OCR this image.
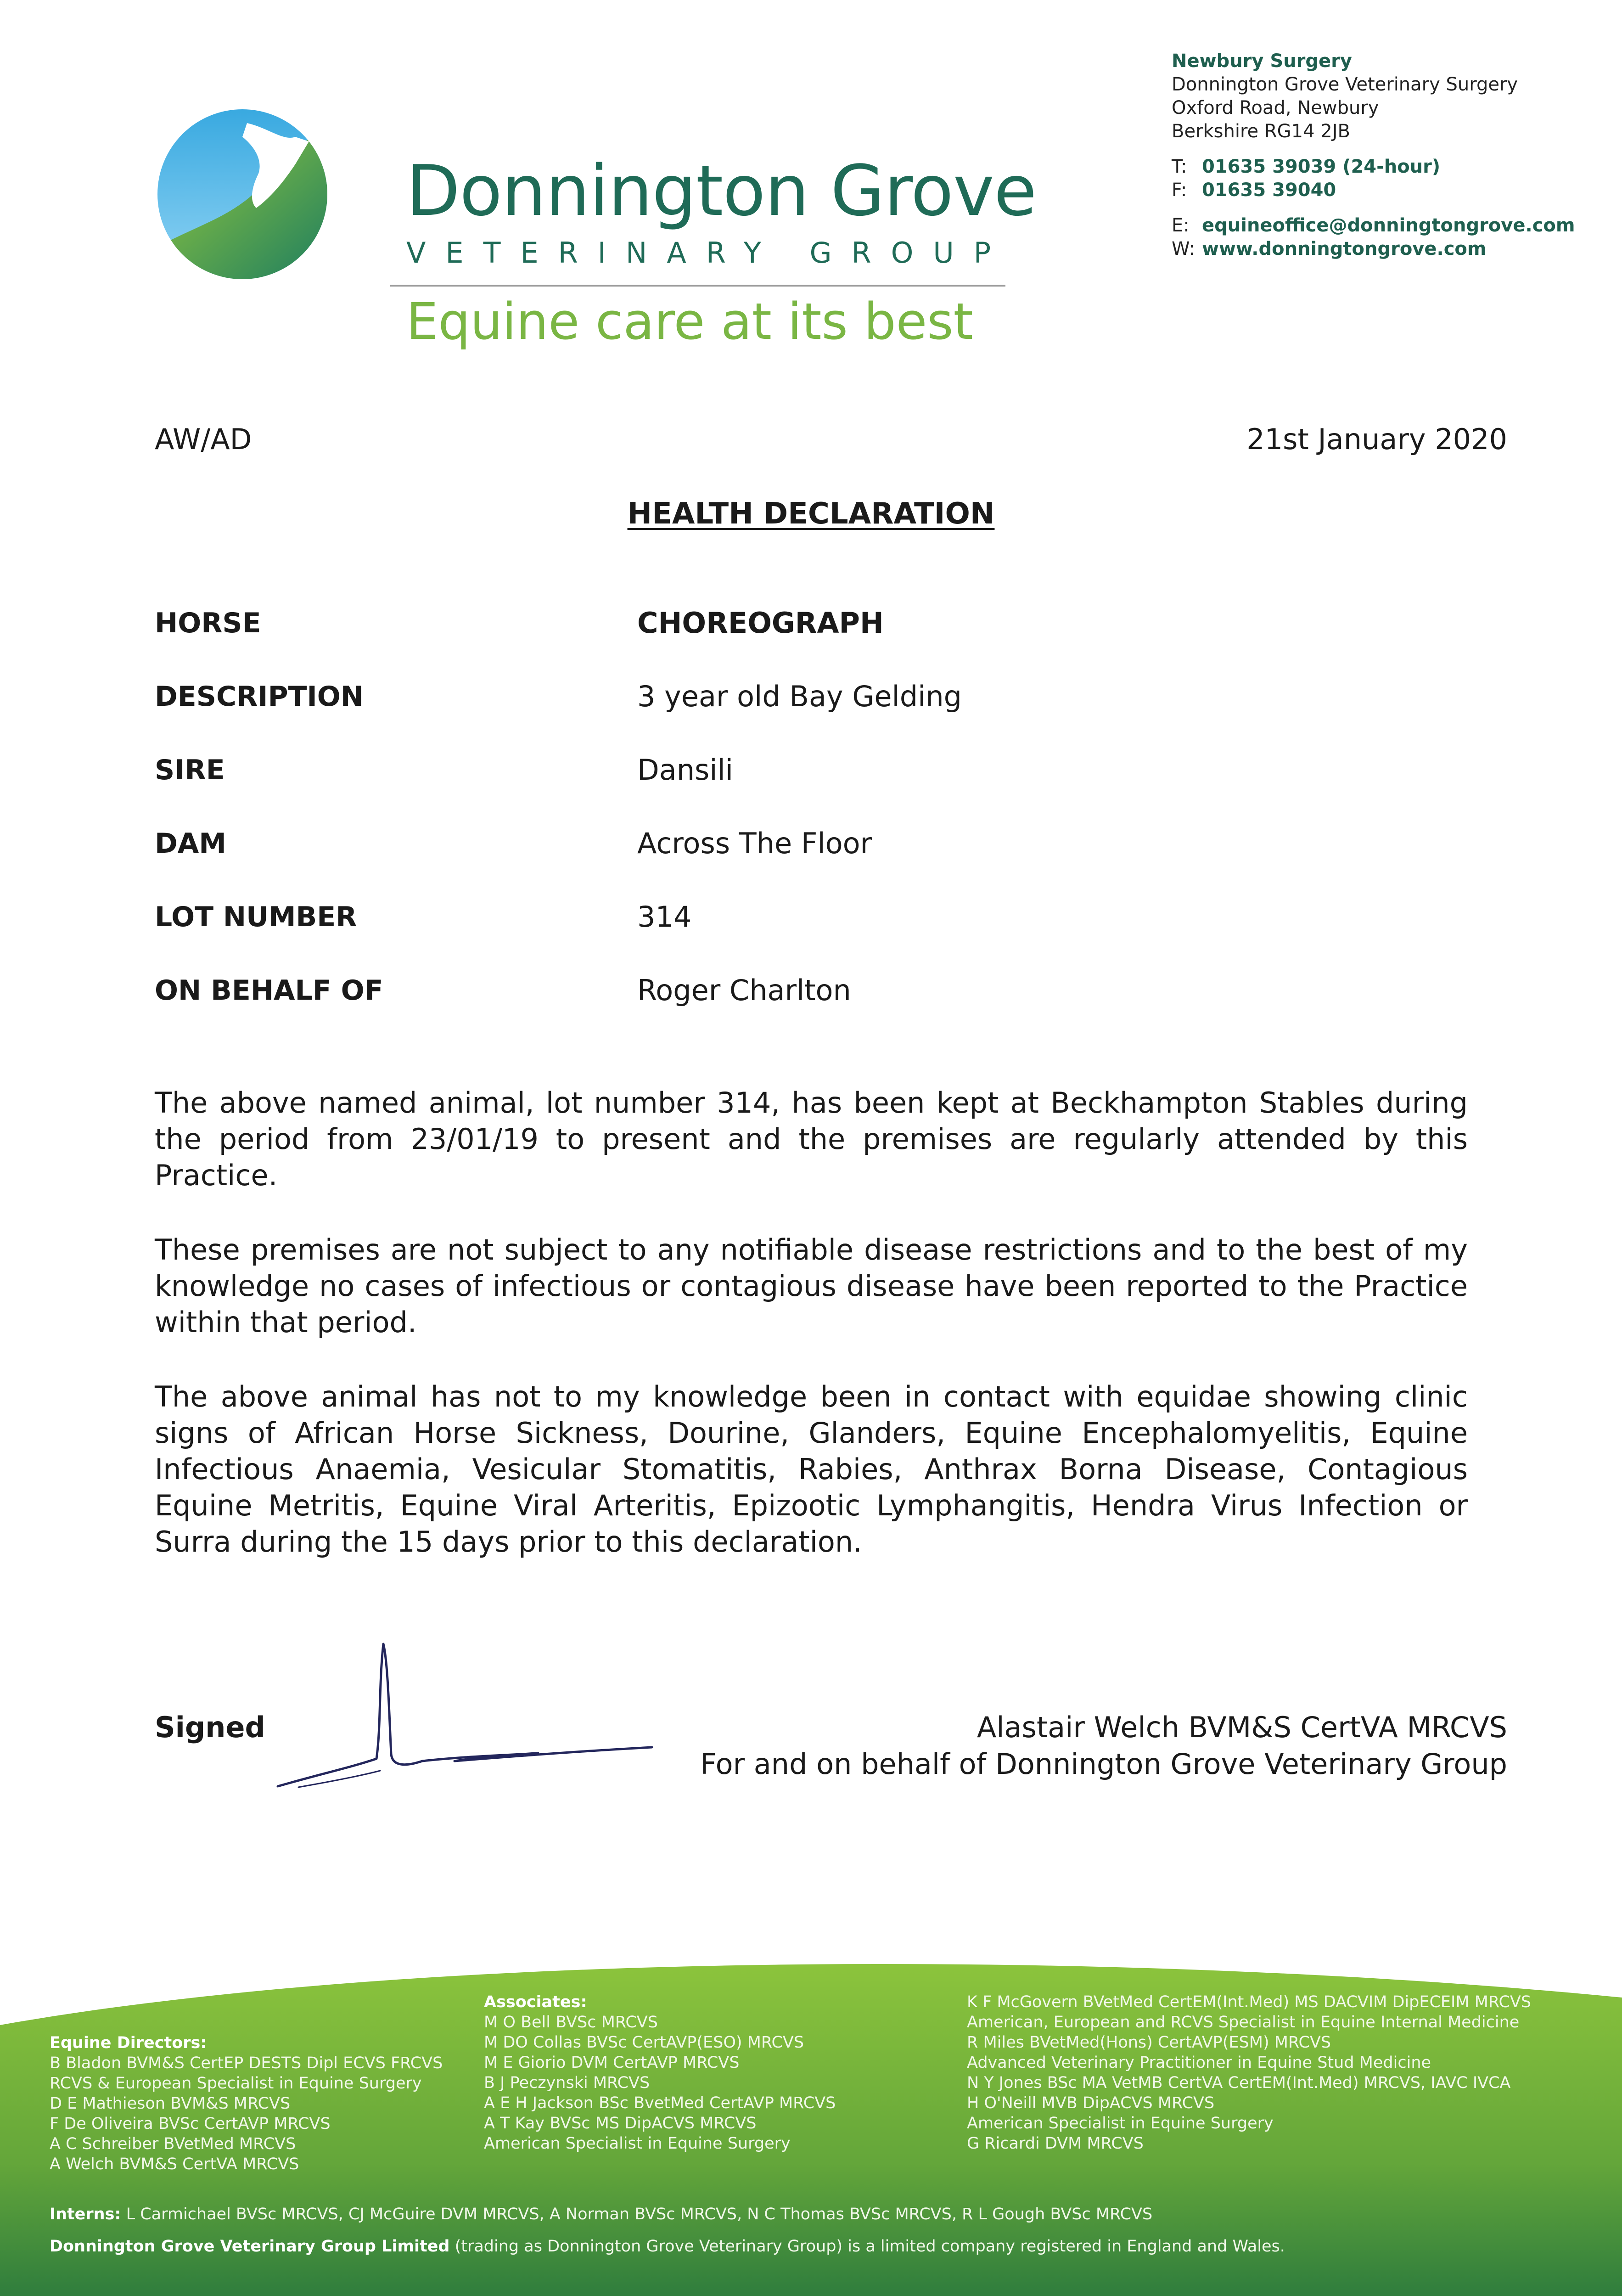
Donnington Grove
VETERINARY GROUP
Equine care at its best
Newbury Surgery
Donnington Grove Veterinary Surgery
Oxford Road, Newbury
Berkshire RG14 2JB
T: 01635 39039 (24-hour)
F: 01635 39040
E: equineoffice@donningtongrove.com
W: www.donningtongrove.com
AW/AD	21st January 2020
HEALTH DECLARATION
HORSE	CHOREOGRAPH
DESCRIPTION	3 year old Bay Gelding
SIRE	Dansili
DAM	Across The Floor
LOT NUMBER	314
ON BEHALF OF	Roger Charlton
The above named animal, lot number 314, has been kept at Beckhampton Stables during the period from 23/01/19 to present and the premises are regularly attended by this Practice.
These premises are not subject to any notifiable disease restrictions and to the best of my knowledge no cases of infectious or contagious disease have been reported to the Practice within that period.
The above animal has not to my knowledge been in contact with equidae showing clinic signs of African Horse Sickness, Dourine, Glanders, Equine Encephalomyelitis, Equine Infectious Anaemia, Vesicular Stomatitis, Rabies, Anthrax Borna Disease, Contagious Equine Metritis, Equine Viral Arteritis, Epizootic Lymphangitis, Hendra Virus Infection or Surra during the 15 days prior to this declaration.
Signed	Alastair Welch BVM&S CertVA MRCVS
For and on behalf of Donnington Grove Veterinary Group
Equine Directors:
B Bladon BVM&S CertEP DESTS Dipl ECVS FRCVS
RCVS & European Specialist in Equine Surgery
D E Mathieson BVM&S MRCVS
F De Oliveira BVSc CertAVP MRCVS
A C Schreiber BVetMed MRCVS
A Welch BVM&S CertVA MRCVS
Associates:
M O Bell BVSc MRCVS
M DO Collas BVSc CertAVP(ESO) MRCVS
M E Giorio DVM CertAVP MRCVS
B J Peczynski MRCVS
A E H Jackson BSc BvetMed CertAVP MRCVS
A T Kay BVSc MS DipACVS MRCVS
American Specialist in Equine Surgery
K F McGovern BVetMed CertEM(Int.Med) MS DACVIM DipECEIM MRCVS
American, European and RCVS Specialist in Equine Internal Medicine
R Miles BVetMed(Hons) CertAVP(ESM) MRCVS
Advanced Veterinary Practitioner in Equine Stud Medicine
N Y Jones BSc MA VetMB CertVA CertEM(Int.Med) MRCVS, IAVC IVCA
H O'Neill MVB DipACVS MRCVS
American Specialist in Equine Surgery
G Ricardi DVM MRCVS
Interns: L Carmichael BVSc MRCVS, CJ McGuire DVM MRCVS, A Norman BVSc MRCVS, N C Thomas BVSc MRCVS, R L Gough BVSc MRCVS
Donnington Grove Veterinary Group Limited (trading as Donnington Grove Veterinary Group) is a limited company registered in England and Wales.
